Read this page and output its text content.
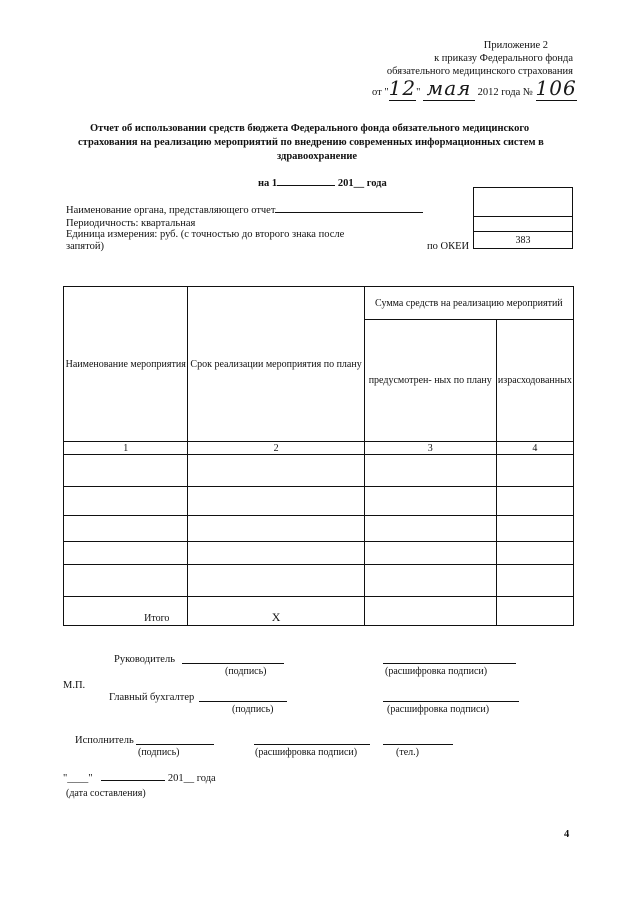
Приложение 2
к приказу Федерального фонда
обязательного медицинского страхования
от "12" мая 2012 года № 106
Отчет об использовании средств бюджета Федерального фонда обязательного медицинского
страхования на реализацию мероприятий по внедрению современных информационных систем в
здравоохранение
на 1	201__ года
Наименование органа, представляющего отчет
Периодичность: квартальная
Единица измерения: руб. (с точностью до второго знака после
запятой)	по ОКЕИ

383
Наименование мероприятия	Срок реализации мероприятия по плану	Сумма средств на реализацию мероприятий	
		предусмотрен- ных по плану	израсходованных
1	2	3	4

Итого	X		
Руководитель
(подпись)	(расшифровка подписи)
М.П.
Главный бухгалтер
(подпись)	(расшифровка подписи)
Исполнитель
(подпись)	(расшифровка подписи)	(тел.)
"____"	201__ года
(дата составления)
4
